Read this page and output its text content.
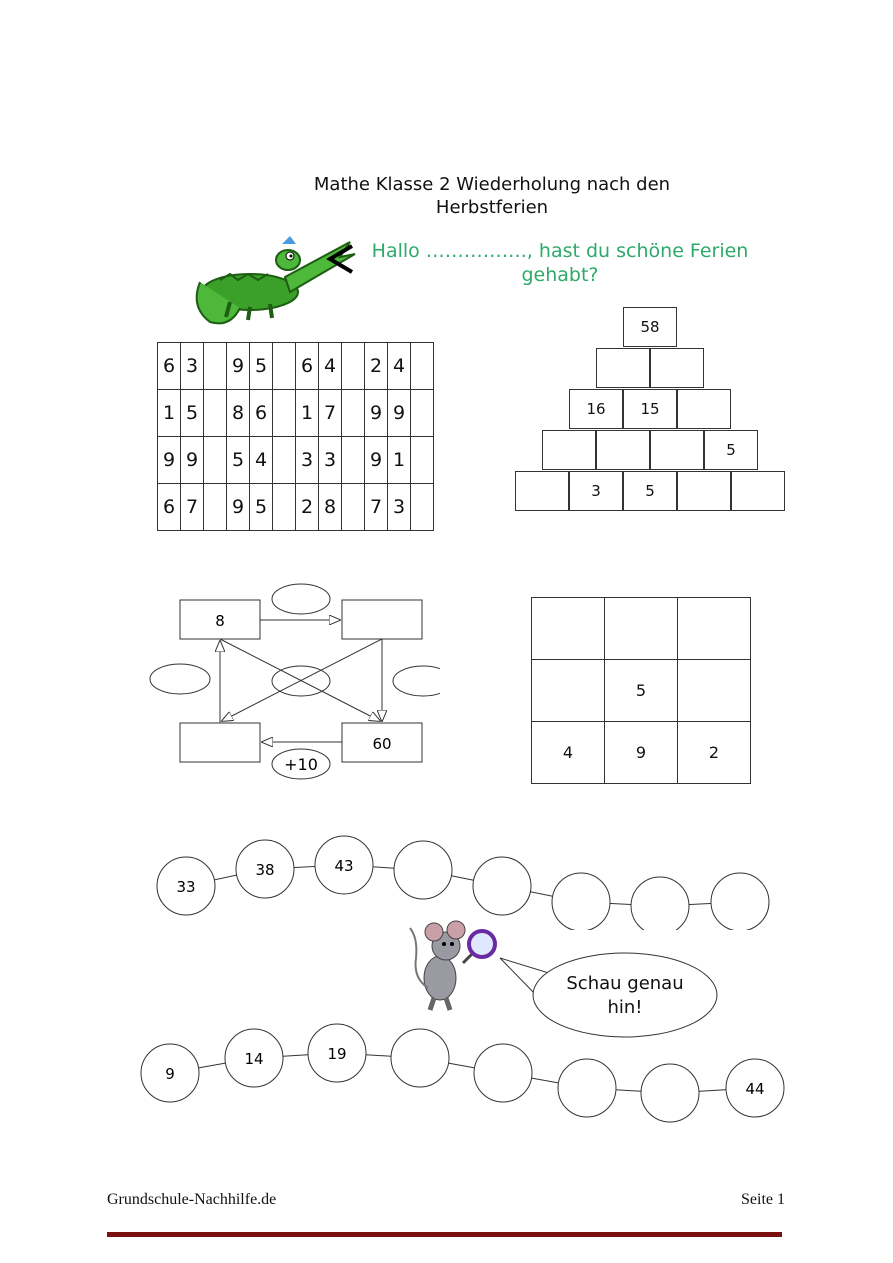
Mathe Klasse 2 Wiederholung nach den
Herbstferien
Hallo ……………., hast du schöne Ferien
gehabt?
6	3		9	5		6	4		2	4	
1	5		8	6		1	7		9	9	
9	9		5	4		3	3		9	1	
6	7		9	5		2	8		7	3	
58
16	15
5
3	5
8
60
+10

	5	
4	9	2
33
38	43
Schau genau
hin!
9
14	19
44
Grundschule-Nachhilfe.de	Seite 1
